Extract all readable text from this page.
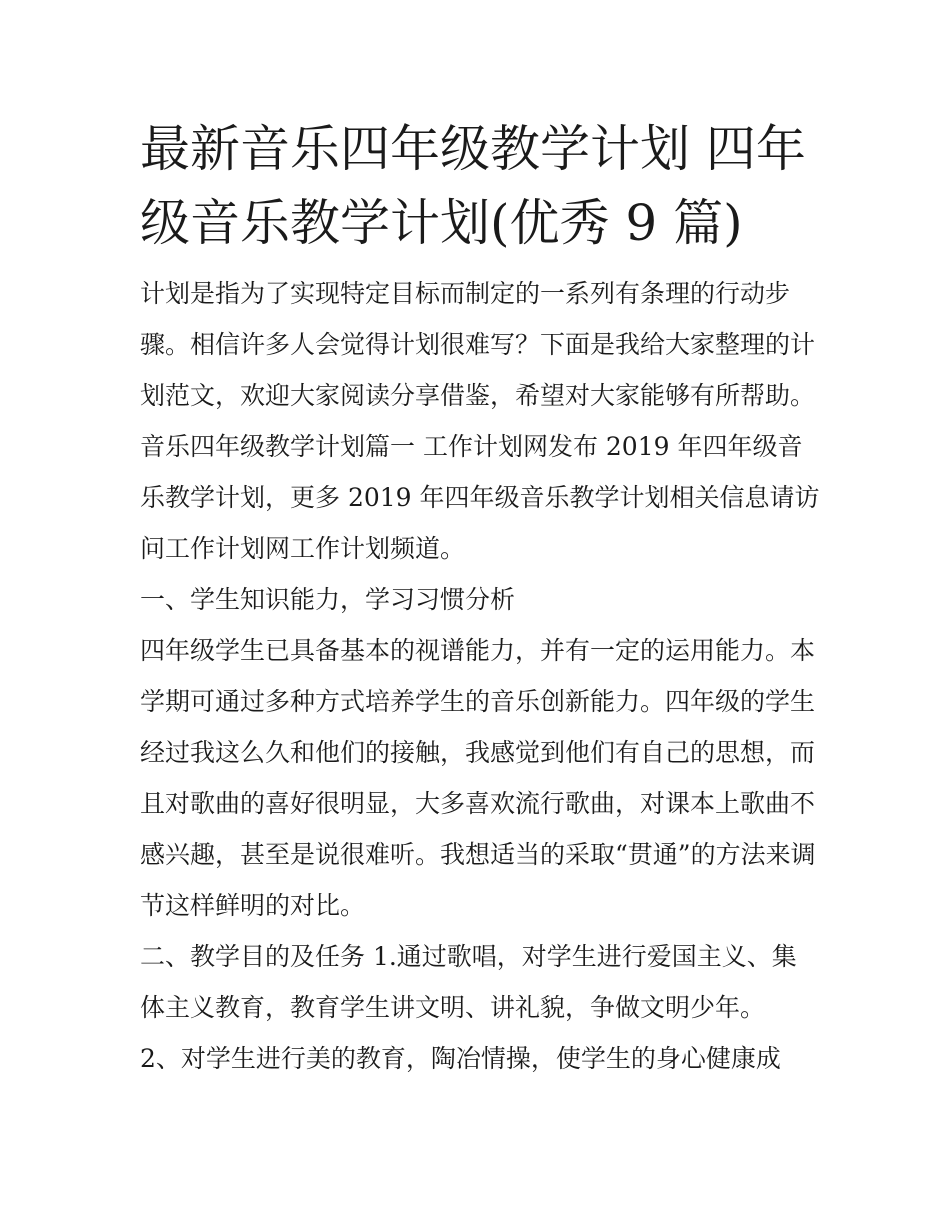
最新音乐四年级教学计划 四年
级音乐教学计划(优秀 9 篇)

计划是指为了实现特定目标而制定的一系列有条理的行动步骤。相信许多人会觉得计划很难写？下面是我给大家整理的计划范文，欢迎大家阅读分享借鉴，希望对大家能够有所帮助。

音乐四年级教学计划篇一 工作计划网发布 2019 年四年级音乐教学计划，更多 2019 年四年级音乐教学计划相关信息请访问工作计划网工作计划频道。

一、学生知识能力，学习习惯分析

四年级学生已具备基本的视谱能力，并有一定的运用能力。本学期可通过多种方式培养学生的音乐创新能力。四年级的学生经过我这么久和他们的接触，我感觉到他们有自己的思想，而且对歌曲的喜好很明显，大多喜欢流行歌曲，对课本上歌曲不感兴趣，甚至是说很难听。我想适当的采取“贯通”的方法来调节这样鲜明的对比。

二、教学目的及任务 1.通过歌唱，对学生进行爱国主义、集体主义教育，教育学生讲文明、讲礼貌，争做文明少年。

2、对学生进行美的教育，陶冶情操，使学生的身心健康成
